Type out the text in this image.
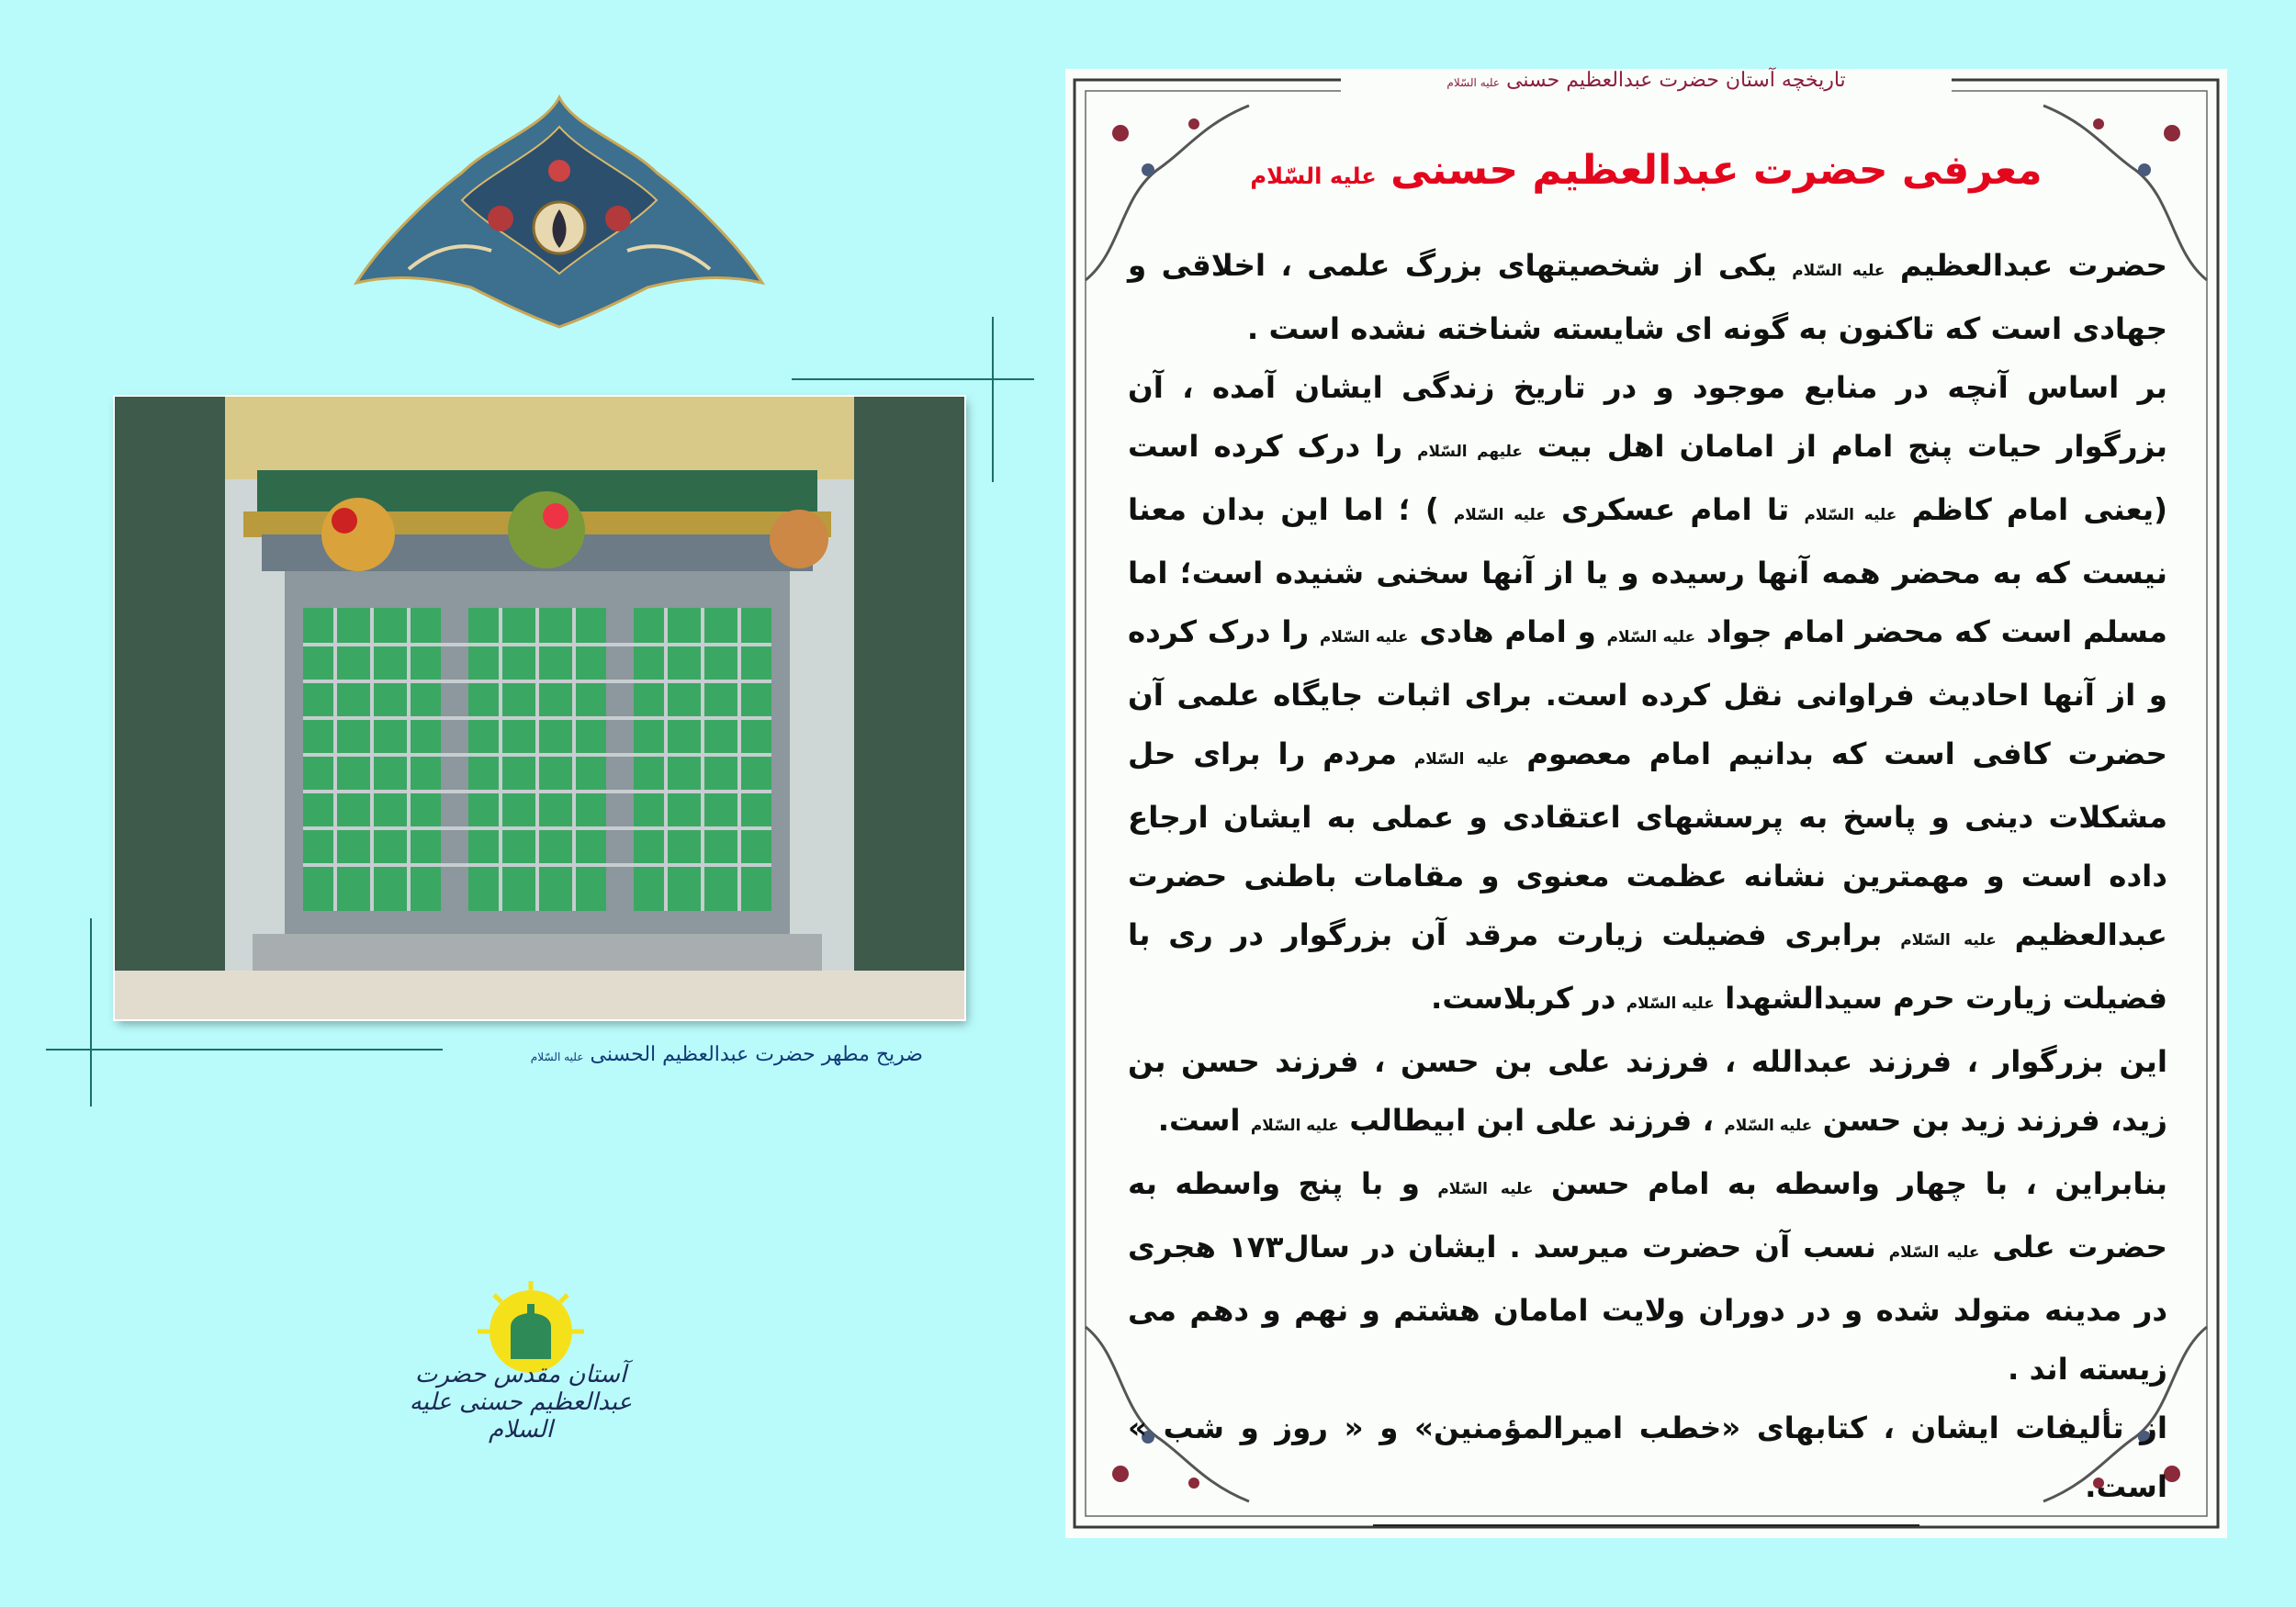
ضریح مطهر حضرت عبدالعظیم الحسنی علیه السّلام
آستان مقدس حضرت عبدالعظیم حسنی علیه السلام
تاریخچه آستان حضرت عبدالعظیم حسنی علیه السّلام
معرفی حضرت عبدالعظیم حسنی علیه السّلام

حضرت عبدالعظیم علیه السّلام یکی از شخصیتهای بزرگ علمی ، اخلاقی و جهادی است که تاکنون به گونه ای شایسته شناخته نشده است .

بر اساس آنچه در منابع موجود و در تاریخ زندگی ایشان آمده ، آن بزرگوار حیات پنج امام از امامان اهل بیت علیهم السّلام را درک کرده است (یعنی امام کاظم علیه السّلام تا امام عسکری علیه السّلام ) ؛ اما این بدان معنا نیست که به محضر همه آنها رسیده و یا از آنها سخنی شنیده است؛ اما مسلم است که محضر امام جواد علیه السّلام و امام هادی علیه السّلام را درک کرده و از آنها احادیث فراوانی نقل کرده است. برای اثبات جایگاه علمی آن حضرت کافی است که بدانیم امام معصوم علیه السّلام مردم را برای حل مشکلات دینی و پاسخ به پرسشهای اعتقادی و عملی به ایشان ارجاع داده است و مهمترین نشانه عظمت معنوی و مقامات باطنی حضرت عبدالعظیم علیه السّلام برابری فضیلت زیارت مرقد آن بزرگوار در ری با فضیلت زیارت حرم سیدالشهدا علیه السّلام در کربلاست.

این بزرگوار ، فرزند عبدالله ، فرزند علی بن حسن ، فرزند حسن بن زید، فرزند زید بن حسن علیه السّلام ، فرزند علی ابن ابیطالب علیه السّلام است.

بنابراین ، با چهار واسطه به امام حسن علیه السّلام و با پنج واسطه به حضرت علی علیه السّلام نسب آن حضرت میرسد . ایشان در سال۱۷۳ هجری در مدینه متولد شده و در دوران ولایت امامان هشتم و نهم و دهم می زیسته اند .

از تألیفات ایشان ، کتابهای «خطب امیرالمؤمنین» و « روز و شب » است.
